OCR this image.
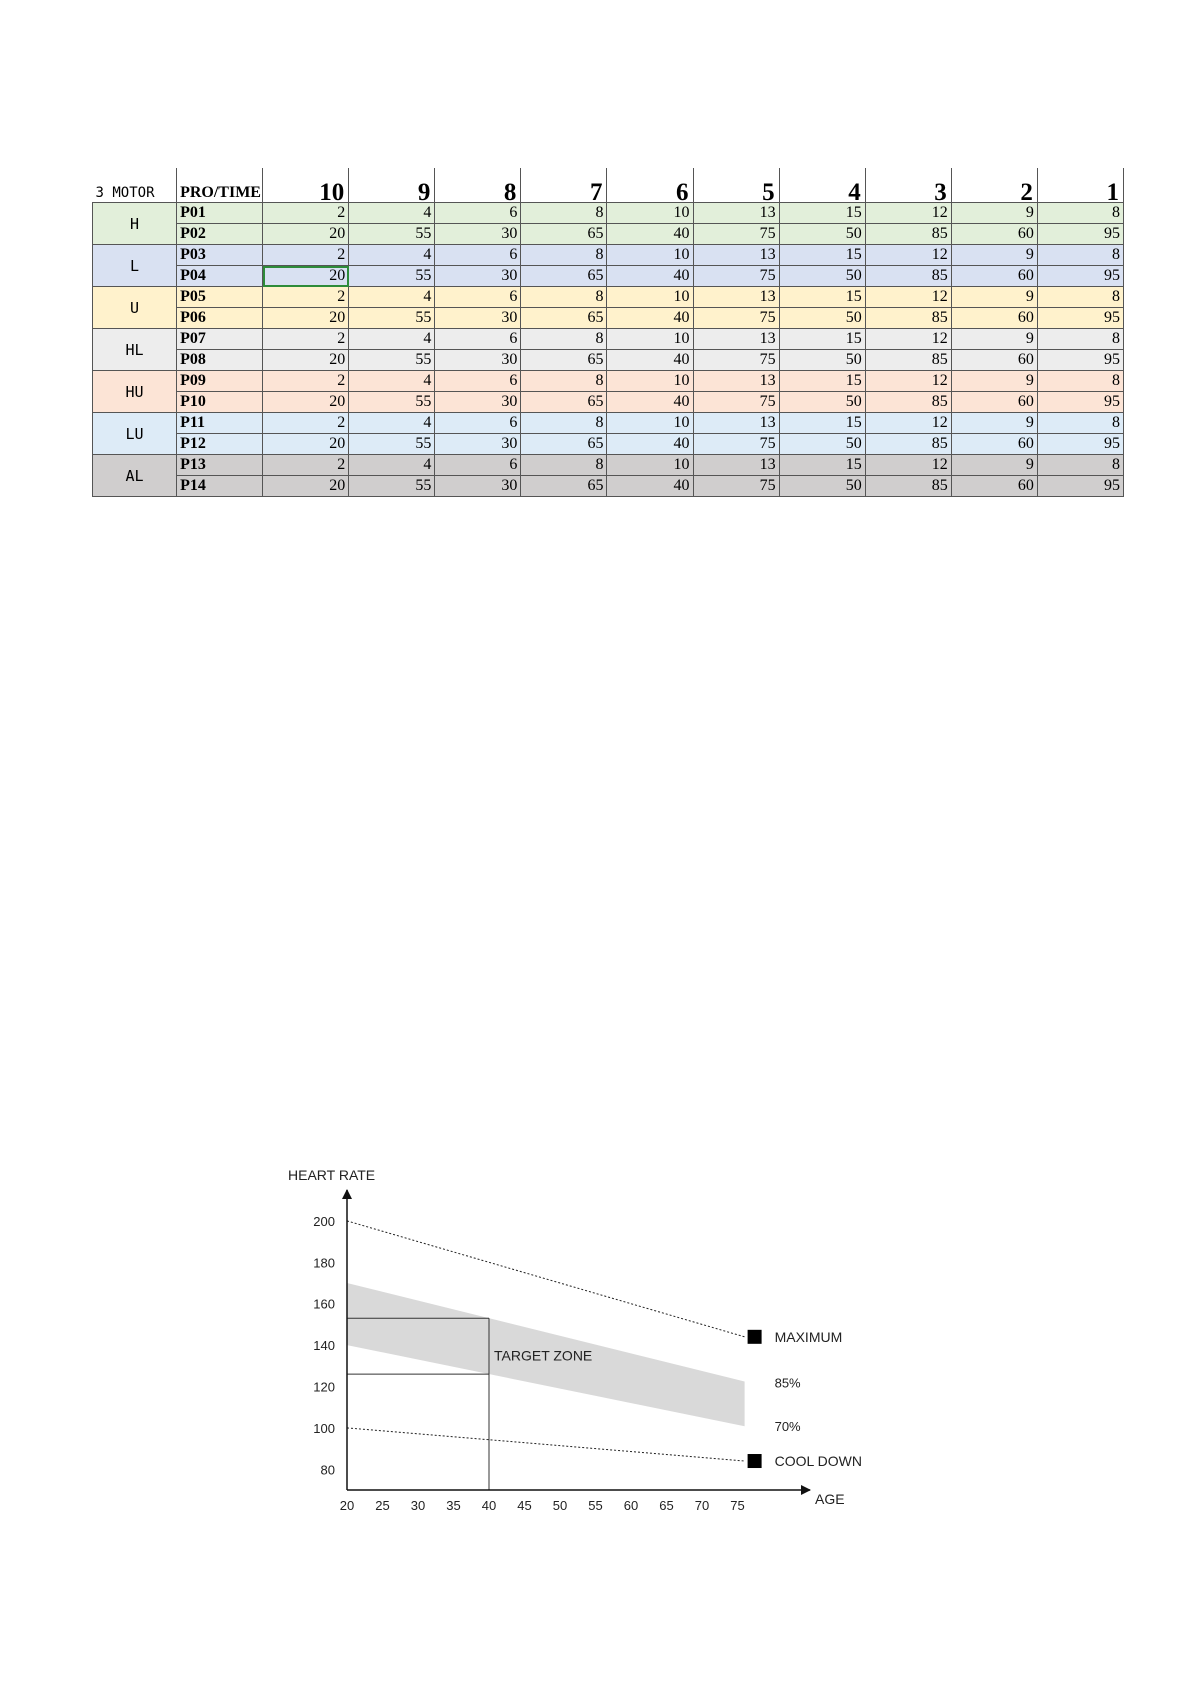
3 MOTOR	PRO/TIME	10	9	8	7	6	5	4	3	2	1
H	P01	2	4	6	8	10	13	15	12	9	8
	P02	20	55	30	65	40	75	50	85	60	95
L	P03	2	4	6	8	10	13	15	12	9	8
	P04	20	55	30	65	40	75	50	85	60	95
U	P05	2	4	6	8	10	13	15	12	9	8
	P06	20	55	30	65	40	75	50	85	60	95
HL	P07	2	4	6	8	10	13	15	12	9	8
	P08	20	55	30	65	40	75	50	85	60	95
HU	P09	2	4	6	8	10	13	15	12	9	8
	P10	20	55	30	65	40	75	50	85	60	95
LU	P11	2	4	6	8	10	13	15	12	9	8
	P12	20	55	30	65	40	75	50	85	60	95
AL	P13	2	4	6	8	10	13	15	12	9	8
	P14	20	55	30	65	40	75	50	85	60	95
HEART RATE
MAXIMUM
COOL DOWN
TARGET ZONE
85%
70%
80
100
120
140
160
180
200
20 25 30 35 40 45 50 55 60 65 70 75	AGE
